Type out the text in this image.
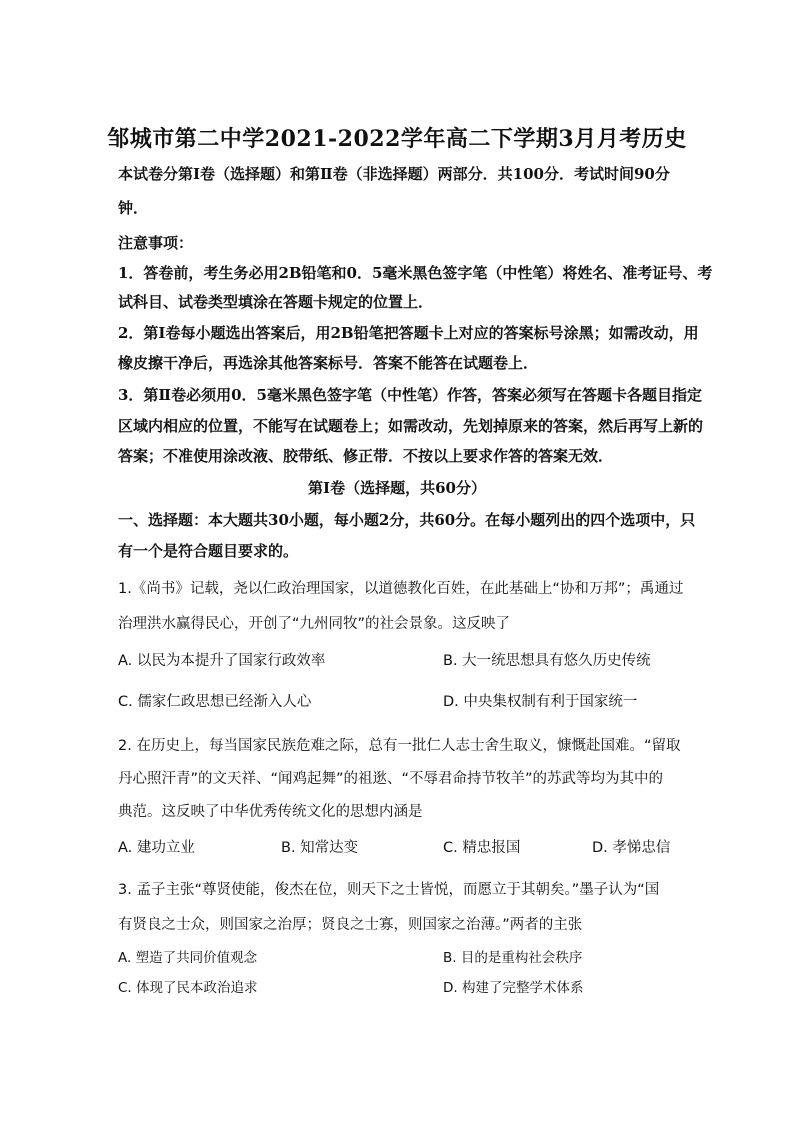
邹城市第二中学2021-2022学年高二下学期3月月考历史
本试卷分第Ⅰ卷（选择题）和第Ⅱ卷（非选择题）两部分．共100分．考试时间90分
钟．
注意事项：
1．答卷前，考生务必用2B铅笔和0．5毫米黑色签字笔（中性笔）将姓名、准考证号、考
试科目、试卷类型填涂在答题卡规定的位置上．
2．第Ⅰ卷每小题选出答案后，用2B铅笔把答题卡上对应的答案标号涂黑；如需改动，用
橡皮擦干净后，再选涂其他答案标号．答案不能答在试题卷上．
3．第Ⅱ卷必须用0．5毫米黑色签字笔（中性笔）作答，答案必须写在答题卡各题目指定
区域内相应的位置，不能写在试题卷上；如需改动，先划掉原来的答案，然后再写上新的
答案；不准使用涂改液、胶带纸、修正带．不按以上要求作答的答案无效．
第Ⅰ卷（选择题，共60分）
一、选择题：本大题共30小题，每小题2分，共60分。在每小题列出的四个选项中，只
有一个是符合题目要求的。
1.《尚书》记载，尧以仁政治理国家，以道德教化百姓，在此基础上“协和万邦”；禹通过
治理洪水赢得民心，开创了“九州同牧”的社会景象。这反映了
A. 以民为本提升了国家行政效率	B. 大一统思想具有悠久历史传统
C. 儒家仁政思想已经渐入人心	D. 中央集权制有利于国家统一
2. 在历史上，每当国家民族危难之际，总有一批仁人志士舍生取义，慷慨赴国难。“留取
丹心照汗青”的文天祥、“闻鸡起舞”的祖逖、“不辱君命持节牧羊”的苏武等均为其中的
典范。这反映了中华优秀传统文化的思想内涵是
A. 建功立业	B. 知常达变	C. 精忠报国	D. 孝悌忠信
3. 孟子主张“尊贤使能，俊杰在位，则天下之士皆悦，而愿立于其朝矣。”墨子认为“国
有贤良之士众，则国家之治厚；贤良之士寡，则国家之治薄。”两者的主张
A. 塑造了共同价值观念	B. 目的是重构社会秩序
C. 体现了民本政治追求	D. 构建了完整学术体系
